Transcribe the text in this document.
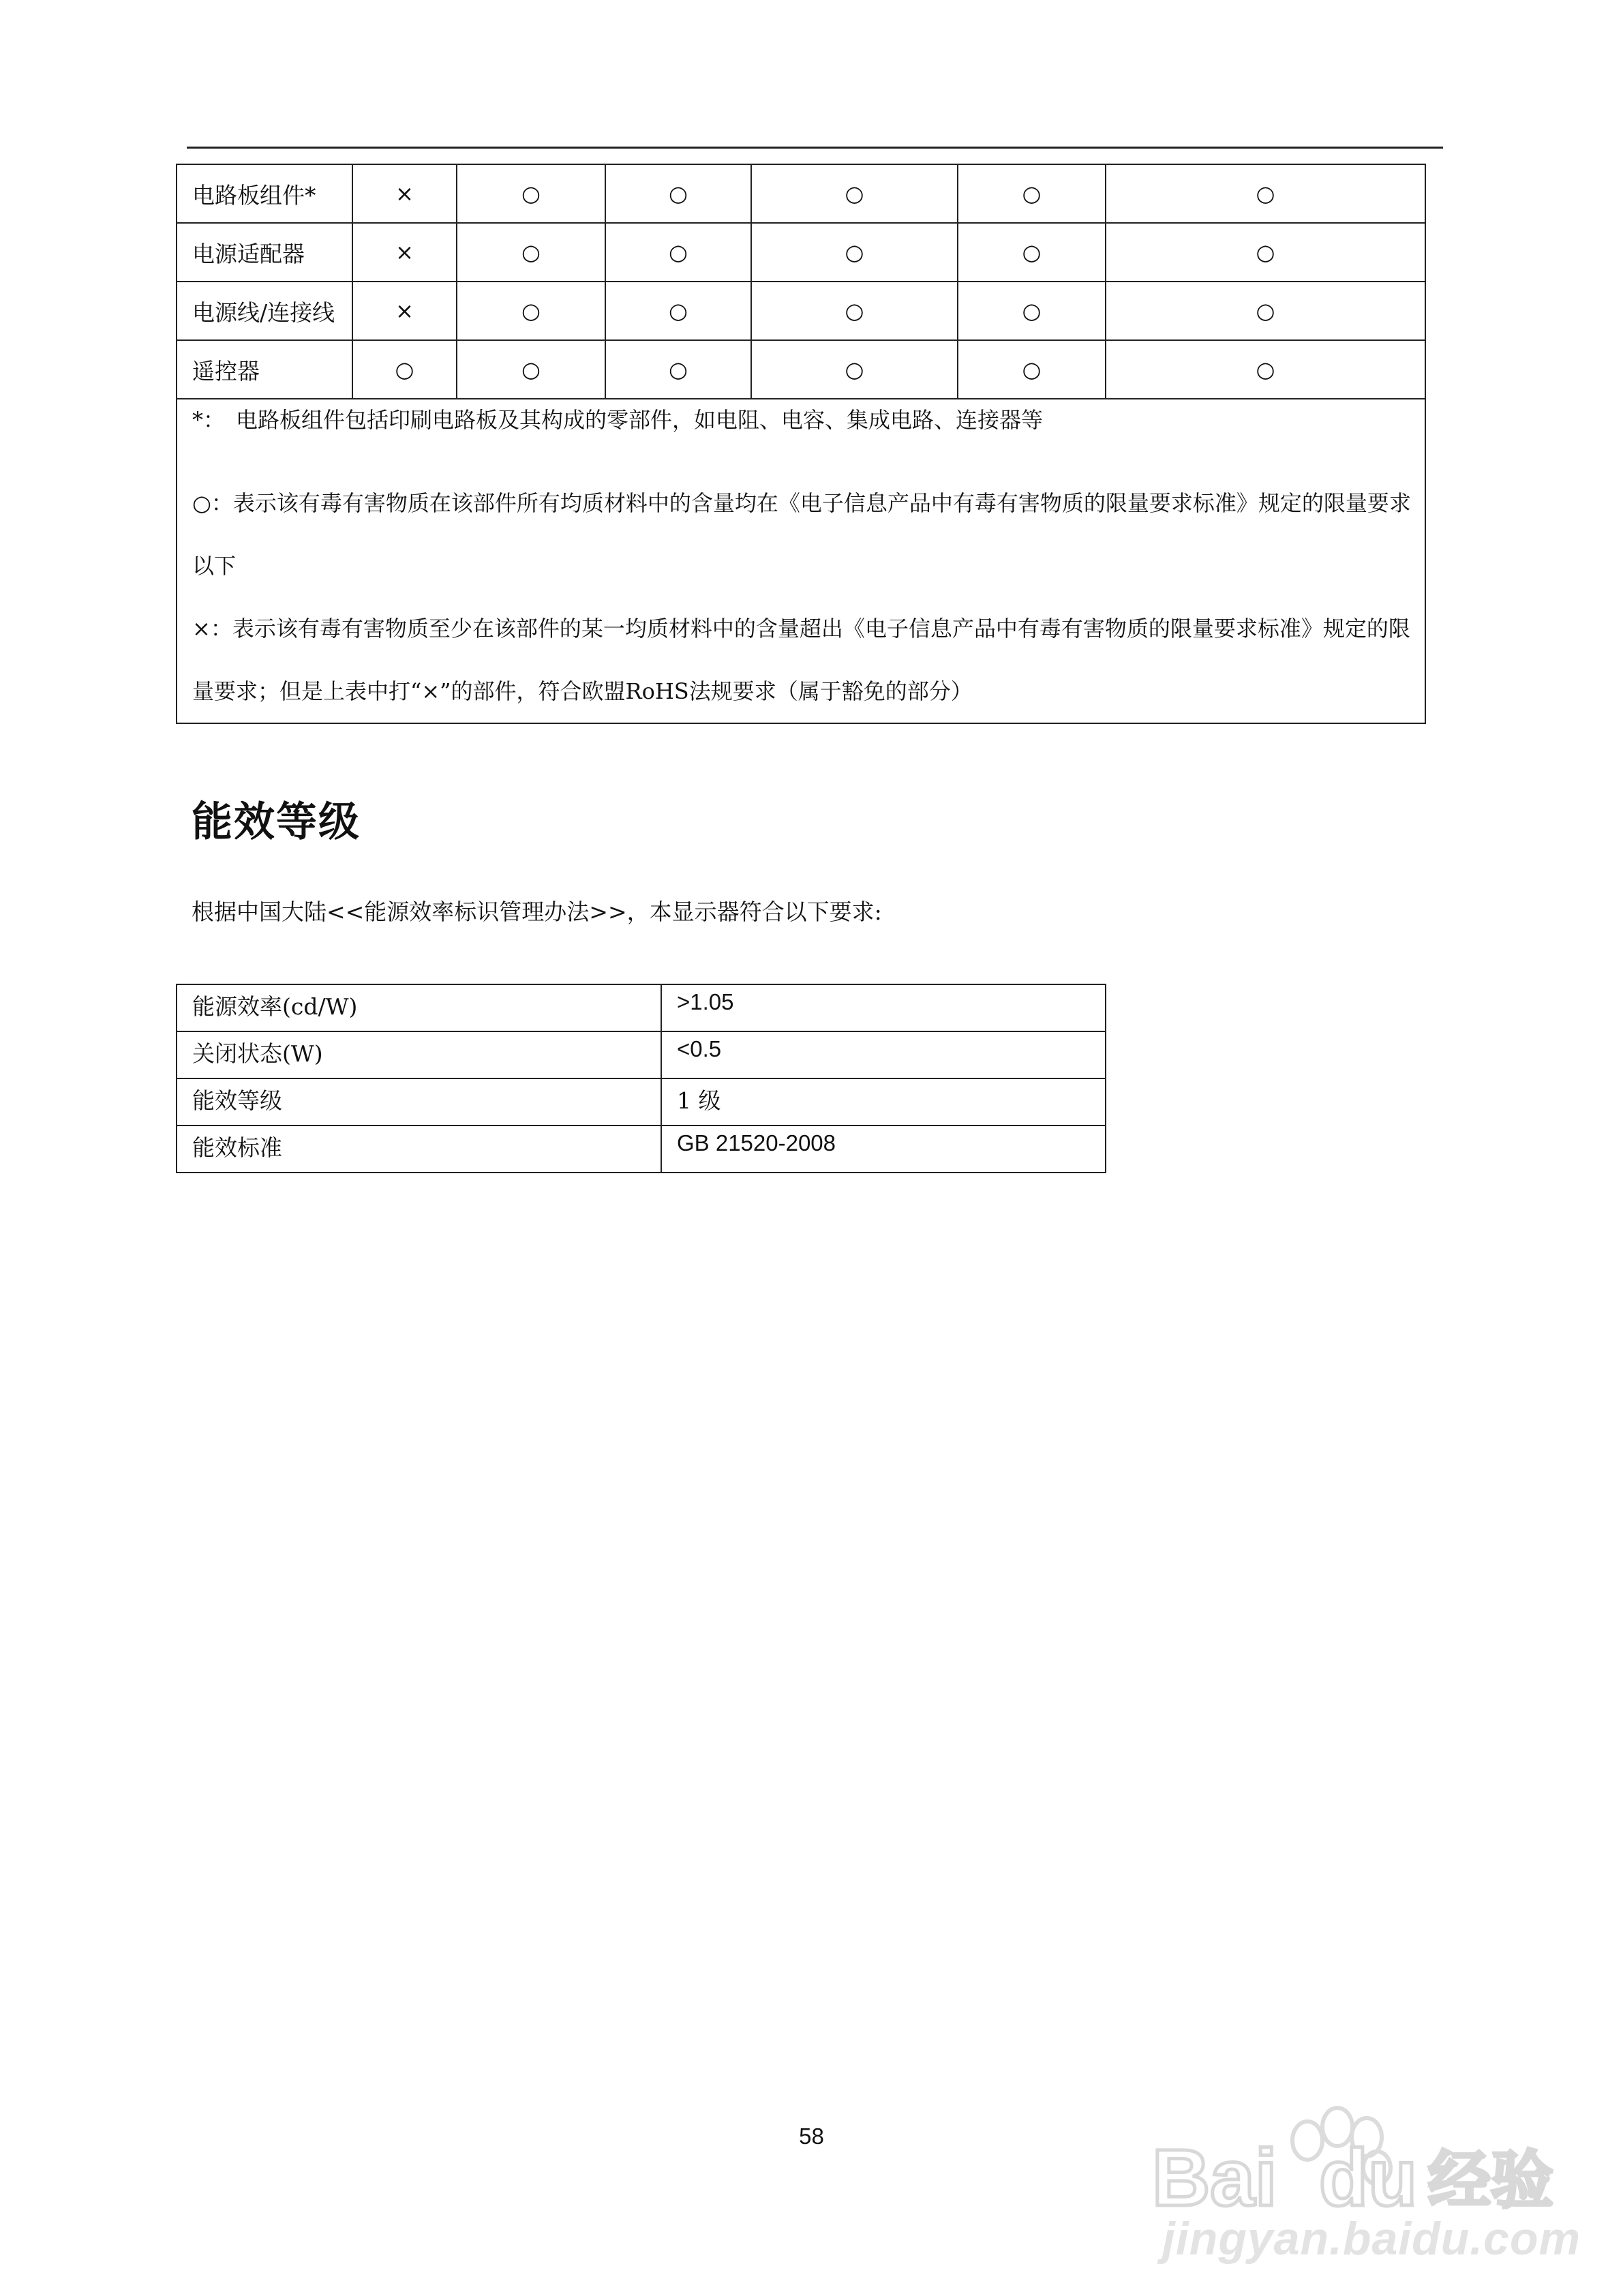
电路板组件*	×	○	○	○	○	○
电源适配器	×	○	○	○	○	○
电源线/连接线	×	○	○	○	○	○
遥控器	○	○	○	○	○	○

*：　电路板组件包括印刷电路板及其构成的零部件，如电阻、电容、集成电路、连接器等

○：表示该有毒有害物质在该部件所有均质材料中的含量均在《电子信息产品中有毒有害物质的限量要求标准》规定的限量要求以下

×：表示该有毒有害物质至少在该部件的某一均质材料中的含量超出《电子信息产品中有毒有害物质的限量要求标准》规定的限量要求；但是上表中打“×”的部件，符合欧盟RoHS法规要求（属于豁免的部分）						

能效等级

根据中国大陆<<能源效率标识管理办法>>，本显示器符合以下要求:

能源效率(cd/W)	>1.05
关闭状态(W)	<0.5
能效等级	1 级
能效标准	GB 21520-2008
58	Bai du 经验
jingyan.baidu.com
